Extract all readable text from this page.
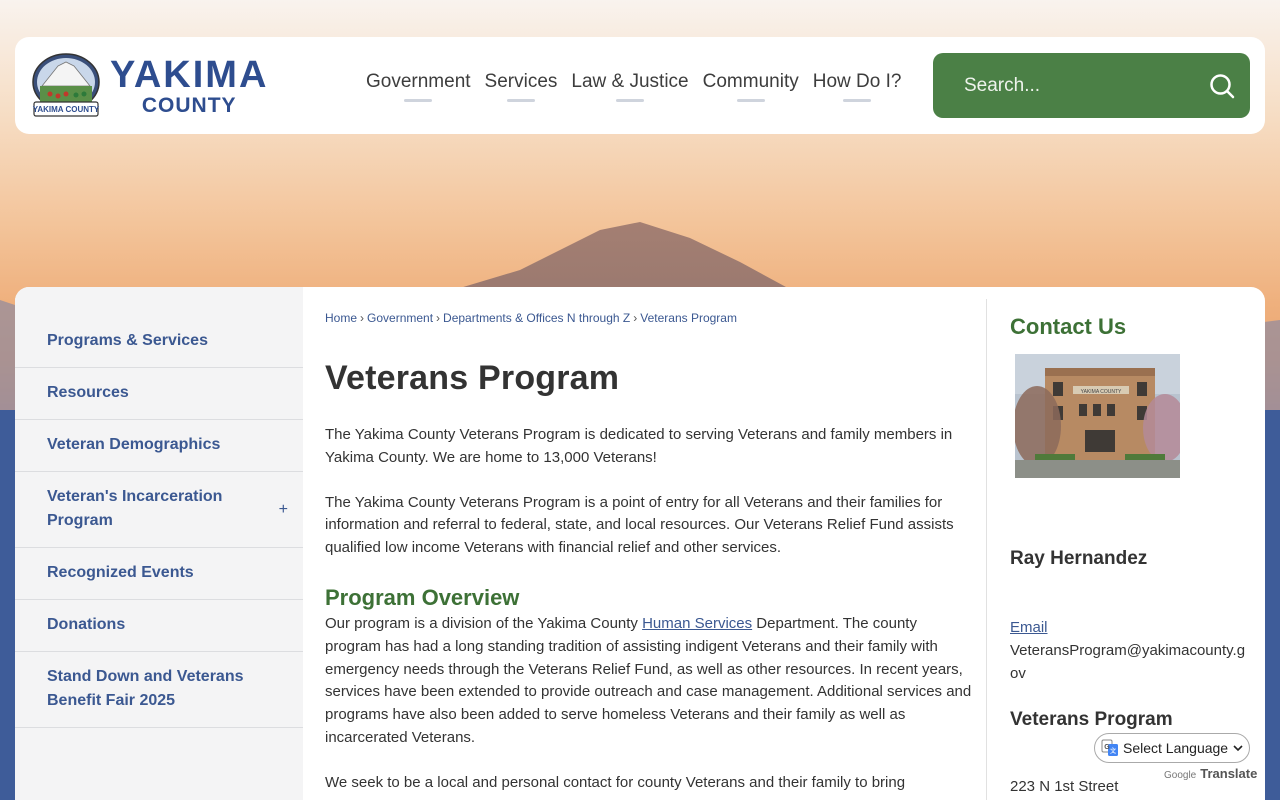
YAKIMA COUNTY
YAKIMA
COUNTY
Government Services Law & Justice Community How Do I?
Search...
Programs & Services
Resources
Veteran Demographics
Veteran's Incarceration Program
+
Recognized Events
Donations
Stand Down and Veterans Benefit Fair 2025
Home › Government › Departments & Offices N through Z › Veterans Program
Veterans Program

The Yakima County Veterans Program is dedicated to serving Veterans and family members in Yakima County. We are home to 13,000 Veterans!

The Yakima County Veterans Program is a point of entry for all Veterans and their families for information and referral to federal, state, and local resources. Our Veterans Relief Fund assists qualified low income Veterans with financial relief and other services.

Program Overview

Our program is a division of the Yakima County Human Services Department. The county program has had a long standing tradition of assisting indigent Veterans and their family with emergency needs through the Veterans Relief Fund, as well as other resources. In recent years, services have been extended to provide outreach and case management. Additional services and programs have also been added to serve homeless Veterans and their family as well as incarcerated Veterans.

We seek to be a local and personal contact for county Veterans and their family to bring

Contact Us
YAKIMA COUNTY
Ray Hernandez
Email
VeteransProgram@yakimacounty.gov
Veterans Program
223 N 1st Street
G
文 Select Language
Google Translate
